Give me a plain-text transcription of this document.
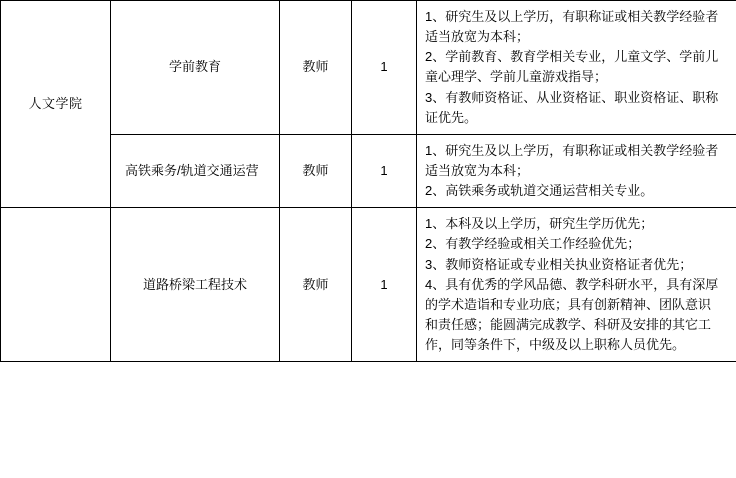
人文学院	学前教育	教师	1	
1、研究生及以上学历，有职称证或相关教学经验者
适当放宽为本科；
2、学前教育、教育学相关专业，儿童文学、学前儿
童心理学、学前儿童游戏指导；
3、有教师资格证、从业资格证、职业资格证、职称
证优先。

	高铁乘务/轨道交通运营	教师	1	1、研究生及以上学历，有职称证或相关教学经验者
适当放宽为本科；
2、高铁乘务或轨道交通运营相关专业。

	道路桥梁工程技术	教师	1	
1、本科及以上学历，研究生学历优先；
2、有教学经验或相关工作经验优先；
3、教师资格证或专业相关执业资格证者优先；
4、具有优秀的学风品德、教学科研水平，具有深厚
的学术造诣和专业功底；具有创新精神、团队意识
和责任感；能圆满完成教学、科研及安排的其它工
作，同等条件下，中级及以上职称人员优先。
